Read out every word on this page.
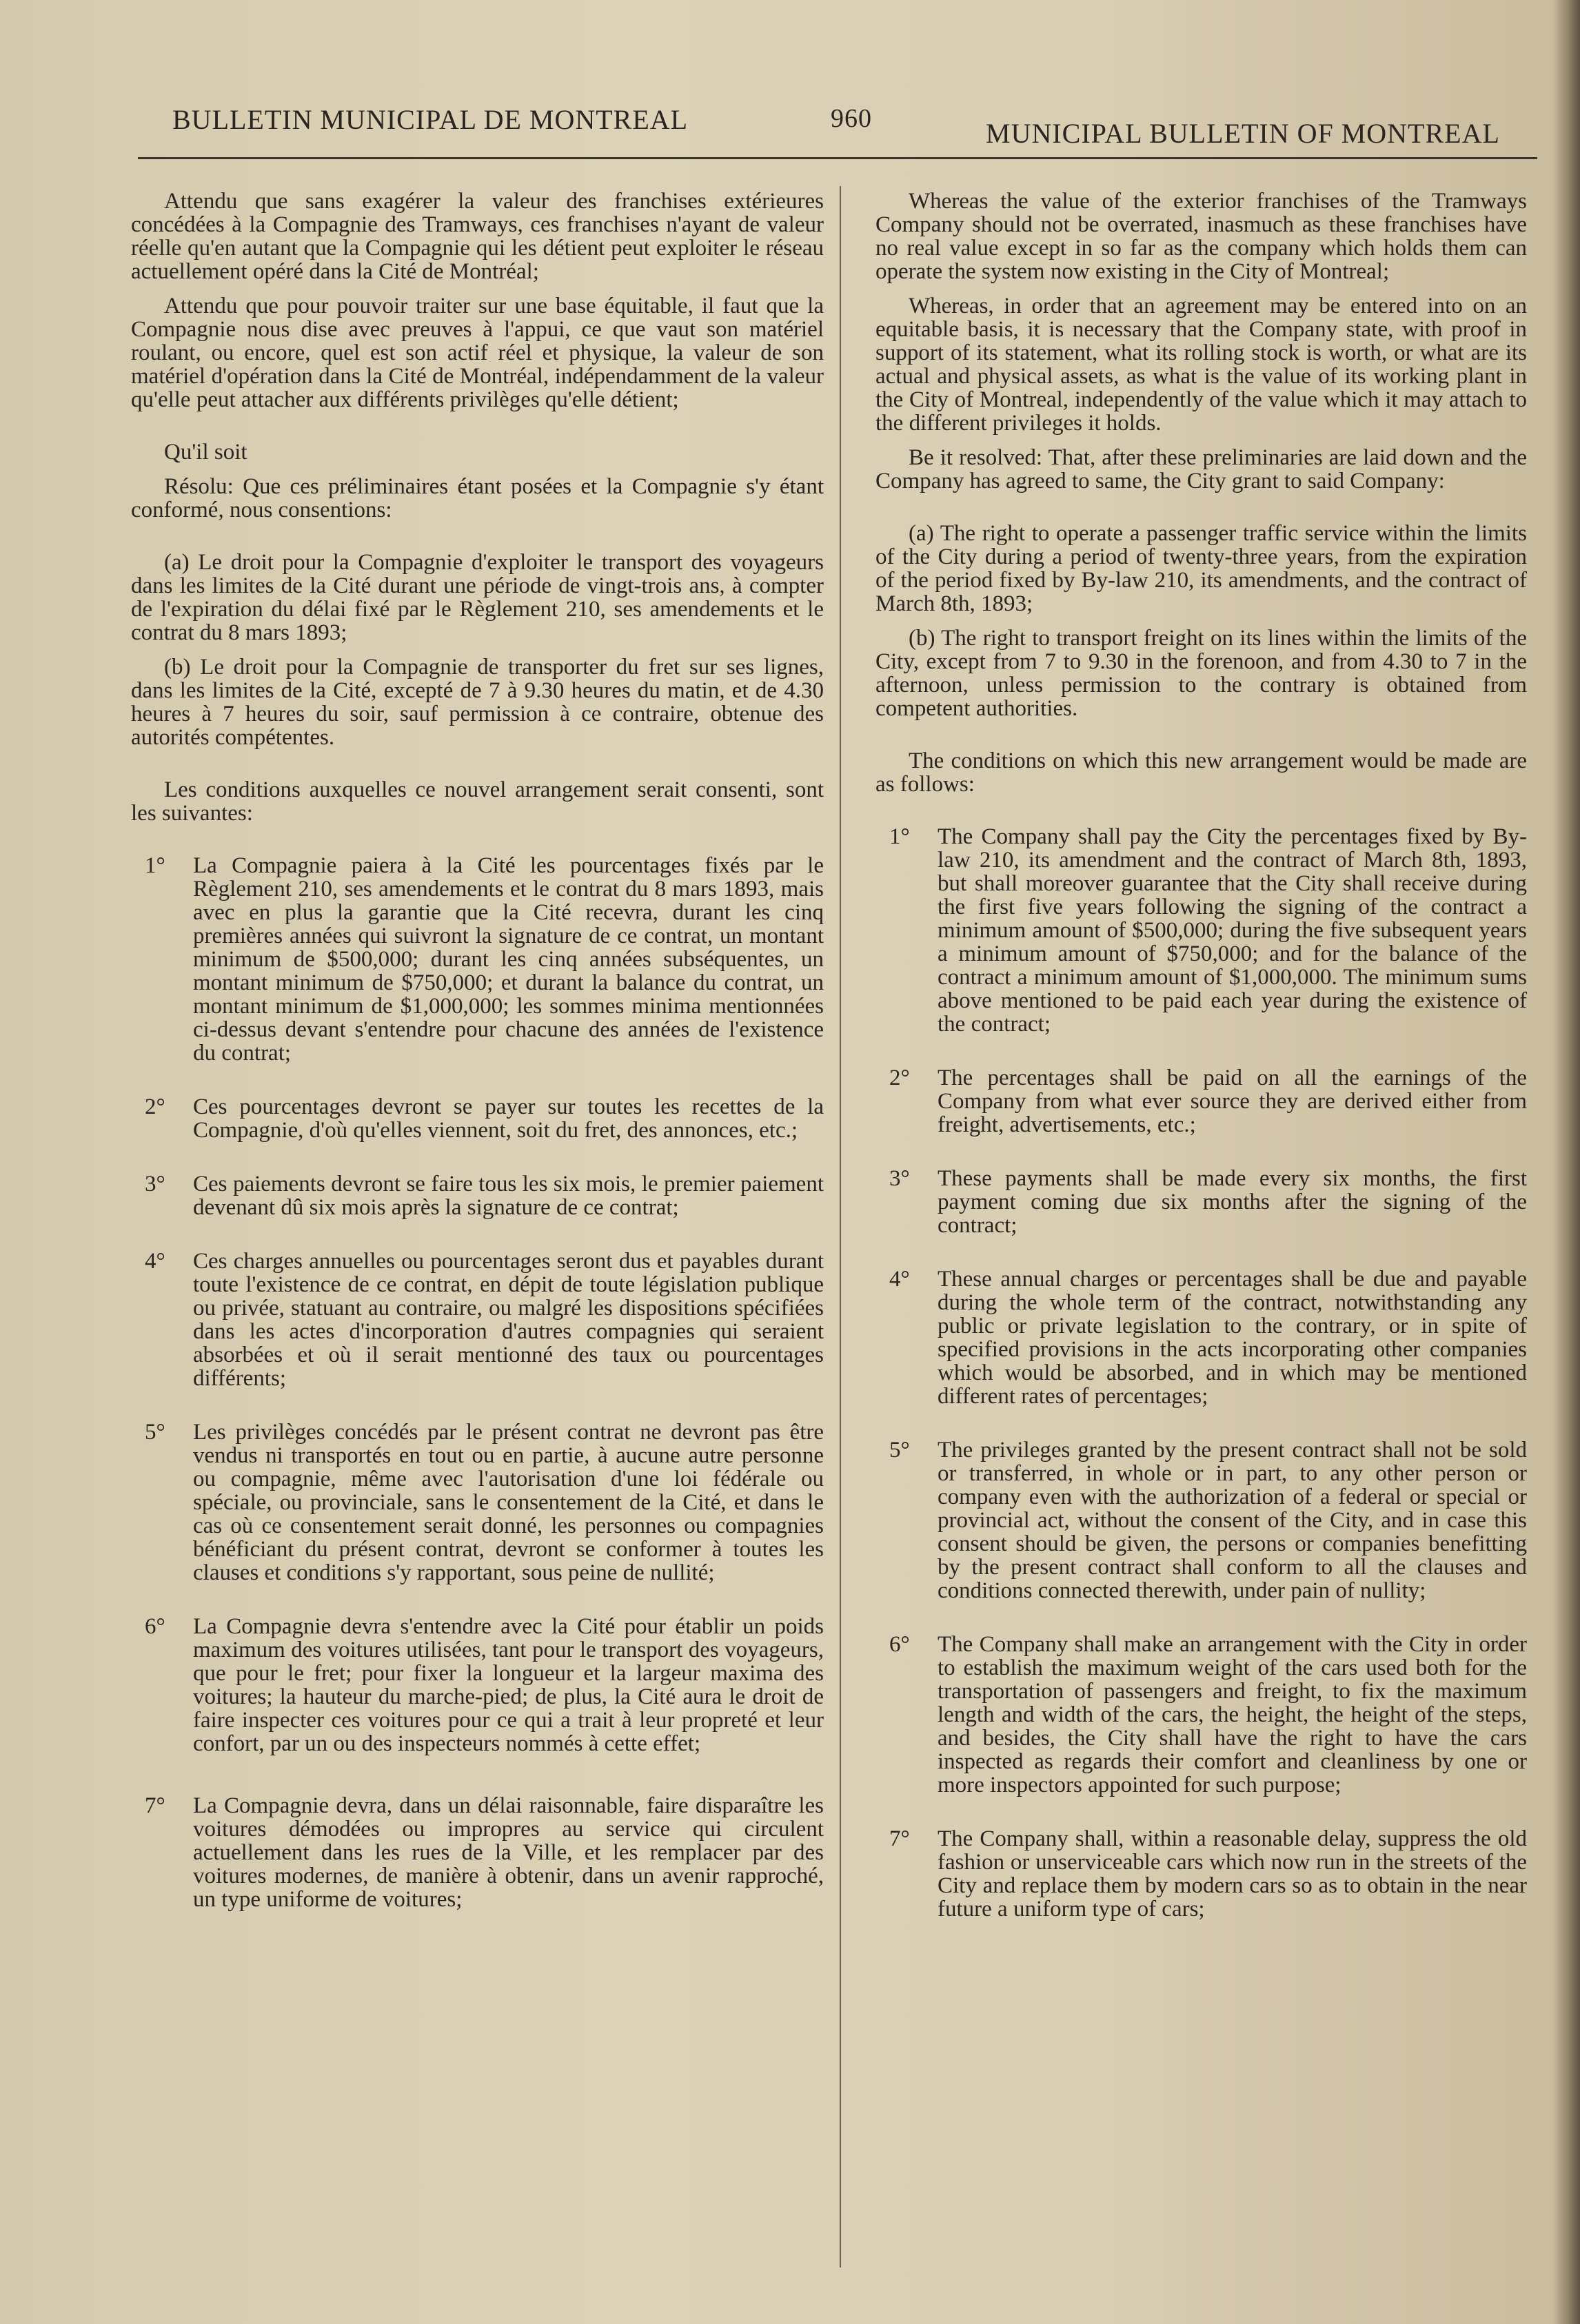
BULLETIN MUNICIPAL DE MONTREAL	960	MUNICIPAL BULLETIN OF MONTREAL

Attendu que sans exagérer la valeur des franchises extérieures concédées à la Compagnie des Tramways, ces franchises n'ayant de valeur réelle qu'en autant que la Compagnie qui les détient peut exploiter le réseau actuellement opéré dans la Cité de Montréal;

Attendu que pour pouvoir traiter sur une base équitable, il faut que la Compagnie nous dise avec preuves à l'appui, ce que vaut son matériel roulant, ou encore, quel est son actif réel et physique, la valeur de son matériel d'opération dans la Cité de Montréal, indépendamment de la valeur qu'elle peut attacher aux différents privilèges qu'elle détient;

Qu'il soit

Résolu: Que ces préliminaires étant posées et la Compagnie s'y étant conformé, nous consentions:

(a) Le droit pour la Compagnie d'exploiter le transport des voyageurs dans les limites de la Cité durant une période de vingt-trois ans, à compter de l'expiration du délai fixé par le Règlement 210, ses amendements et le contrat du 8 mars 1893;

(b) Le droit pour la Compagnie de transporter du fret sur ses lignes, dans les limites de la Cité, excepté de 7 à 9.30 heures du matin, et de 4.30 heures à 7 heures du soir, sauf permission à ce contraire, obtenue des autorités compétentes.

Les conditions auxquelles ce nouvel arrangement serait consenti, sont les suivantes:

1° La Compagnie paiera à la Cité les pourcentages fixés par le Règlement 210, ses amendements et le contrat du 8 mars 1893, mais avec en plus la garantie que la Cité recevra, durant les cinq premières années qui suivront la signature de ce contrat, un montant minimum de $500,000; durant les cinq années subséquentes, un montant minimum de $750,000; et durant la balance du contrat, un montant minimum de $1,000,000; les sommes minima mentionnées ci-dessus devant s'entendre pour chacune des années de l'existence du contrat;
2° Ces pourcentages devront se payer sur toutes les recettes de la Compagnie, d'où qu'elles viennent, soit du fret, des annonces, etc.;
3° Ces paiements devront se faire tous les six mois, le premier paiement devenant dû six mois après la signature de ce contrat;
4° Ces charges annuelles ou pourcentages seront dus et payables durant toute l'existence de ce contrat, en dépit de toute législation publique ou privée, statuant au contraire, ou malgré les dispositions spécifiées dans les actes d'incorporation d'autres compagnies qui seraient absorbées et où il serait mentionné des taux ou pourcentages différents;
5° Les privilèges concédés par le présent contrat ne devront pas être vendus ni transportés en tout ou en partie, à aucune autre personne ou compagnie, même avec l'autorisation d'une loi fédérale ou spéciale, ou provinciale, sans le consentement de la Cité, et dans le cas où ce consentement serait donné, les personnes ou compagnies bénéficiant du présent contrat, devront se conformer à toutes les clauses et conditions s'y rapportant, sous peine de nullité;
6° La Compagnie devra s'entendre avec la Cité pour établir un poids maximum des voitures utilisées, tant pour le transport des voyageurs, que pour le fret; pour fixer la longueur et la largeur maxima des voitures; la hauteur du marche-pied; de plus, la Cité aura le droit de faire inspecter ces voitures pour ce qui a trait à leur propreté et leur confort, par un ou des inspecteurs nommés à cette effet;
7° La Compagnie devra, dans un délai raisonnable, faire disparaître les voitures démodées ou impropres au service qui circulent actuellement dans les rues de la Ville, et les remplacer par des voitures modernes, de manière à obtenir, dans un avenir rapproché, un type uniforme de voitures;

Whereas the value of the exterior franchises of the Tramways Company should not be overrated, inasmuch as these franchises have no real value except in so far as the company which holds them can operate the system now existing in the City of Montreal;

Whereas, in order that an agreement may be entered into on an equitable basis, it is necessary that the Company state, with proof in support of its statement, what its rolling stock is worth, or what are its actual and physical assets, as what is the value of its working plant in the City of Montreal, independently of the value which it may attach to the different privileges it holds.

Be it resolved: That, after these preliminaries are laid down and the Company has agreed to same, the City grant to said Company:

(a) The right to operate a passenger traffic service within the limits of the City during a period of twenty-three years, from the expiration of the period fixed by By-law 210, its amendments, and the contract of March 8th, 1893;

(b) The right to transport freight on its lines within the limits of the City, except from 7 to 9.30 in the forenoon, and from 4.30 to 7 in the afternoon, unless permission to the contrary is obtained from competent authorities.

The conditions on which this new arrangement would be made are as follows:

1° The Company shall pay the City the percentages fixed by By-law 210, its amendment and the contract of March 8th, 1893, but shall moreover guarantee that the City shall receive during the first five years following the signing of the contract a minimum amount of $500,000; during the five subsequent years a minimum amount of $750,000; and for the balance of the contract a minimum amount of $1,000,000. The minimum sums above mentioned to be paid each year during the existence of the contract;
2° The percentages shall be paid on all the earnings of the Company from what ever source they are derived either from freight, advertisements, etc.;
3° These payments shall be made every six months, the first payment coming due six months after the signing of the contract;
4° These annual charges or percentages shall be due and payable during the whole term of the contract, notwithstanding any public or private legislation to the contrary, or in spite of specified provisions in the acts incorporating other companies which would be absorbed, and in which may be mentioned different rates of percentages;
5° The privileges granted by the present contract shall not be sold or transferred, in whole or in part, to any other person or company even with the authorization of a federal or special or provincial act, without the consent of the City, and in case this consent should be given, the persons or companies benefitting by the present contract shall conform to all the clauses and conditions connected therewith, under pain of nullity;
6° The Company shall make an arrangement with the City in order to establish the maximum weight of the cars used both for the transportation of passengers and freight, to fix the maximum length and width of the cars, the height, the height of the steps, and besides, the City shall have the right to have the cars inspected as regards their comfort and cleanliness by one or more inspectors appointed for such purpose;
7° The Company shall, within a reasonable delay, suppress the old fashion or unserviceable cars which now run in the streets of the City and replace them by modern cars so as to obtain in the near future a uniform type of cars;
